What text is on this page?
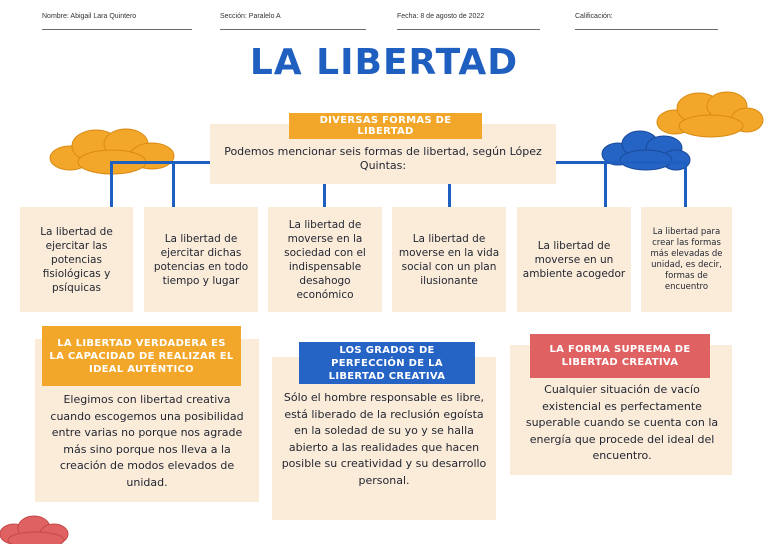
Nombre: Abigail Lara Quintero	Sección: Paralelo A	Fecha: 8 de agosto de 2022	Calificación:
LA LIBERTAD
DIVERSAS FORMAS DE LIBERTAD
Podemos mencionar seis formas de libertad, según López Quintas:
La libertad de ejercitar las potencias fisiológicas y psíquicas
La libertad de ejercitar dichas potencias en todo tiempo y lugar
La libertad de moverse en la sociedad con el indispensable desahogo económico
La libertad de moverse en la vida social con un plan ilusionante
La libertad de moverse en un ambiente acogedor
La libertad para crear las formas más elevadas de unidad, es decir, formas de encuentro
LA LIBERTAD VERDADERA ES LA CAPACIDAD DE REALIZAR EL IDEAL AUTÉNTICO
Elegimos con libertad creativa cuando escogemos una posibilidad entre varias no porque nos agrade más sino porque nos lleva a la creación de modos elevados de unidad.
LOS GRADOS DE PERFECCIÓN DE LA LIBERTAD CREATIVA
Sólo el hombre responsable es libre, está liberado de la reclusión egoísta en la soledad de su yo y se halla abierto a las realidades que hacen posible su creatividad y su desarrollo personal.
LA FORMA SUPREMA DE LIBERTAD CREATIVA
Cualquier situación de vacío existencial es perfectamente superable cuando se cuenta con la energía que procede del ideal del encuentro.
